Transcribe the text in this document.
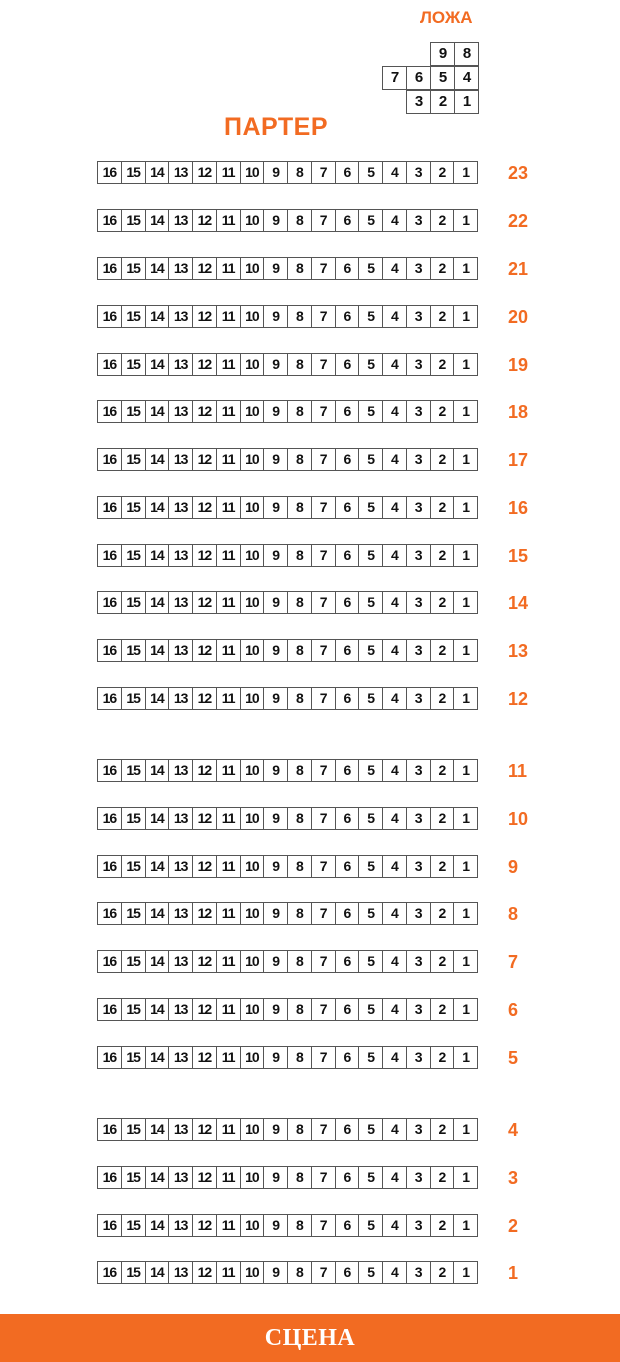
ЛОЖА
9	8
7	6	5	4
3	2	1
ПАРТЕР
16 15 14 13 12 11 10 9	8	7	6	5	4	3	2	1	23
16 15 14 13 12 11 10 9	8	7	6	5	4	3	2	1	22
16 15 14 13 12 11 10 9	8	7	6	5	4	3	2	1	21
16 15 14 13 12 11 10 9	8	7	6	5	4	3	2	1	20
16 15 14 13 12 11 10 9	8	7	6	5	4	3	2	1	19
16 15 14 13 12 11 10 9	8	7	6	5	4	3	2	1	18
16 15 14 13 12 11 10 9	8	7	6	5	4	3	2	1	17
16 15 14 13 12 11 10 9	8	7	6	5	4	3	2	1	16
16 15 14 13 12 11 10 9	8	7	6	5	4	3	2	1	15
16 15 14 13 12 11 10 9	8	7	6	5	4	3	2	1	14
16 15 14 13 12 11 10 9	8	7	6	5	4	3	2	1	13
16 15 14 13 12 11 10 9	8	7	6	5	4	3	2	1	12
16 15 14 13 12 11 10 9	8	7	6	5	4	3	2	1	11
16 15 14 13 12 11 10 9	8	7	6	5	4	3	2	1	10
16 15 14 13 12 11 10 9	8	7	6	5	4	3	2	1	9
16 15 14 13 12 11 10 9	8	7	6	5	4	3	2	1	8
16 15 14 13 12 11 10 9	8	7	6	5	4	3	2	1	7
16 15 14 13 12 11 10 9	8	7	6	5	4	3	2	1	6
16 15 14 13 12 11 10 9	8	7	6	5	4	3	2	1	5
16 15 14 13 12 11 10 9	8	7	6	5	4	3	2	1	4
16 15 14 13 12 11 10 9	8	7	6	5	4	3	2	1	3
16 15 14 13 12 11 10 9	8	7	6	5	4	3	2	1	2
16 15 14 13 12 11 10 9	8	7	6	5	4	3	2	1	1
СЦЕНА
